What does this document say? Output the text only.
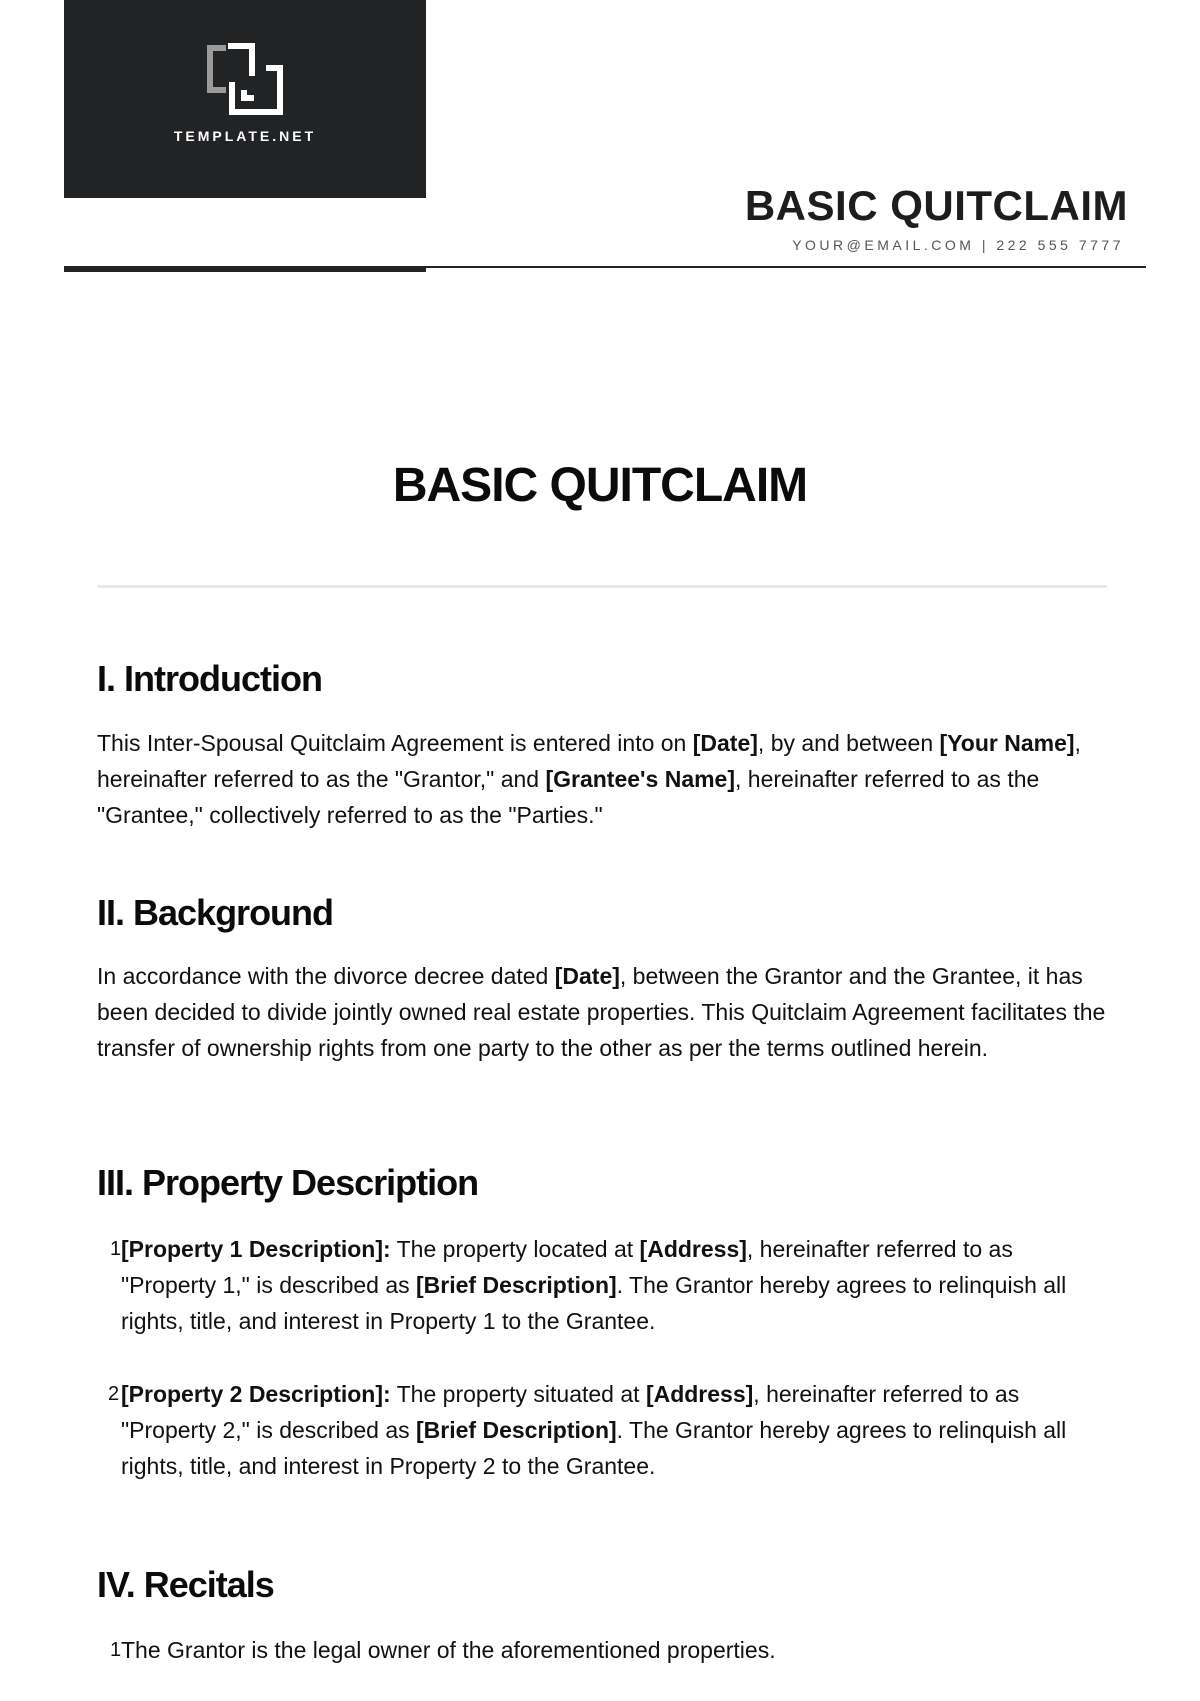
TEMPLATE.NET
BASIC QUITCLAIM
YOUR@EMAIL.COM | 222 555 7777
BASIC QUITCLAIM
I. Introduction

This Inter-Spousal Quitclaim Agreement is entered into on [Date], by and between [Your Name], hereinafter referred to as the "Grantor," and [Grantee's Name], hereinafter referred to as the "Grantee," collectively referred to as the "Parties."

II. Background

In accordance with the divorce decree dated [Date], between the Grantor and the Grantee, it has been decided to divide jointly owned real estate properties. This Quitclaim Agreement facilitates the transfer of ownership rights from one party to the other as per the terms outlined herein.

III. Property Description
1 [Property 1 Description]: The property located at [Address], hereinafter referred to as "Property 1," is described as [Brief Description]. The Grantor hereby agrees to relinquish all rights, title, and interest in Property 1 to the Grantee.
2 [Property 2 Description]: The property situated at [Address], hereinafter referred to as "Property 2," is described as [Brief Description]. The Grantor hereby agrees to relinquish all rights, title, and interest in Property 2 to the Grantee.
IV. Recitals
1 The Grantor is the legal owner of the aforementioned properties.
